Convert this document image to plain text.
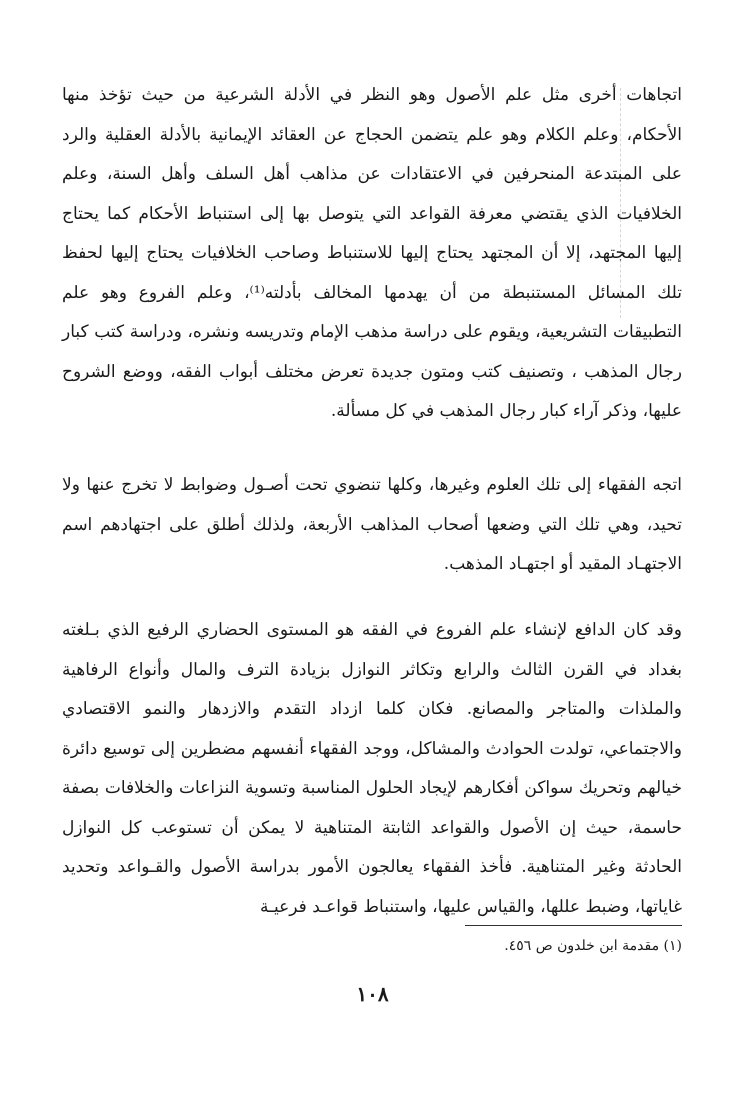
اتجاهات أخرى مثل علم الأصول وهو النظر في الأدلة الشرعية من حيث تؤخذ منها الأحكام، وعلم الكلام وهو علم يتضمن الحجاج عن العقائد الإيمانية بالأدلة العقلية والرد على المبتدعة المنحرفين في الاعتقادات عن مذاهب أهل السلف وأهل السنة، وعلم الخلافيات الذي يقتضي معرفة القواعد التي يتوصل بها إلى استنباط الأحكام كما يحتاج إليها المجتهد، إلا أن المجتهد يحتاج إليها للاستنباط وصاحب الخلافيات يحتاج إليها لحفظ تلك المسائل المستنبطة من أن يهدمها المخالف بأدلته⁽¹⁾، وعلم الفروع وهو علم التطبيقات التشريعية، ويقوم على دراسة مذهب الإمام وتدريسه ونشره، ودراسة كتب كبار رجال المذهب ، وتصنيف كتب ومتون جديدة تعرض مختلف أبواب الفقه، ووضع الشروح عليها، وذكر آراء كبار رجال المذهب في كل مسألة.

اتجه الفقهاء إلى تلك العلوم وغيرها، وكلها تنضوي تحت أصـول وضوابط لا تخرج عنها ولا تحيد، وهي تلك التي وضعها أصحاب المذاهب الأربعة، ولذلك أطلق على اجتهادهم اسم الاجتهـاد المقيد أو اجتهـاد المذهب.

وقد كان الدافع لإنشاء علم الفروع في الفقه هو المستوى الحضاري الرفيع الذي بـلغته بغداد في القرن الثالث والرابع وتكاثر النوازل بزيادة الترف والمال وأنواع الرفاهية والملذات والمتاجر والمصانع. فكان كلما ازداد التقدم والازدهار والنمو الاقتصادي والاجتماعي، تولدت الحوادث والمشاكل، ووجد الفقهاء أنفسهم مضطرين إلى توسيع دائرة خيالهم وتحريك سواكن أفكارهم لإيجاد الحلول المناسبة وتسوية النزاعات والخلافات بصفة حاسمة، حيث إن الأصول والقواعد الثابتة المتناهية لا يمكن أن تستوعب كل النوازل الحادثة وغير المتناهية. فأخذ الفقهاء يعالجون الأمور بدراسة الأصول والقـواعد وتحديد غاياتها، وضبط عللها، والقياس عليها، واستنباط قواعـد فرعيـة

(١) مقدمة ابن خلدون ص ٤٥٦.
١٠٨
